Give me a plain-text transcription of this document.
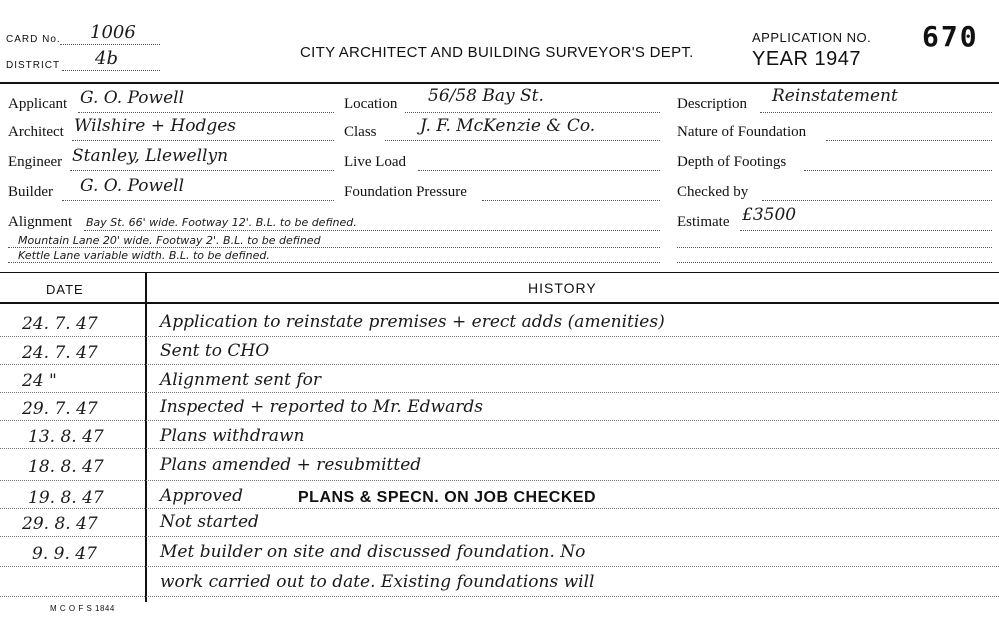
CARD No. 1006
DISTRICT 4b	CITY ARCHITECT AND BUILDING SURVEYOR'S DEPT.
APPLICATION NO. 670
YEAR 1947
Applicant G. O. Powell
Architect Wilshire + Hodges
Engineer Stanley, Llewellyn
Builder G. O. Powell
Location 56/58 Bay St.
Class	J. F. McKenzie & Co.
Live Load
Foundation Pressure
Description Reinstatement
Nature of Foundation
Depth of Footings
Checked by
Estimate £3500
Alignment Bay St. 66' wide. Footway 12'. B.L. to be defined.
Mountain Lane 20' wide. Footway 2'. B.L. to be defined
Kettle Lane variable width. B.L. to be defined.
DATE	HISTORY
24. 7. 47	Application to reinstate premises + erect adds (amenities)
24. 7. 47	Sent to CHO
24 "	Alignment sent for
29. 7. 47	Inspected + reported to Mr. Edwards
13. 8. 47	Plans withdrawn
18. 8. 47	Plans amended + resubmitted
19. 8. 47	Approved	PLANS & SPECN. ON JOB CHECKED
29. 8. 47	Not started
9. 9. 47	Met builder on site and discussed foundation. No
work carried out to date. Existing foundations will
M C O F S 1844
